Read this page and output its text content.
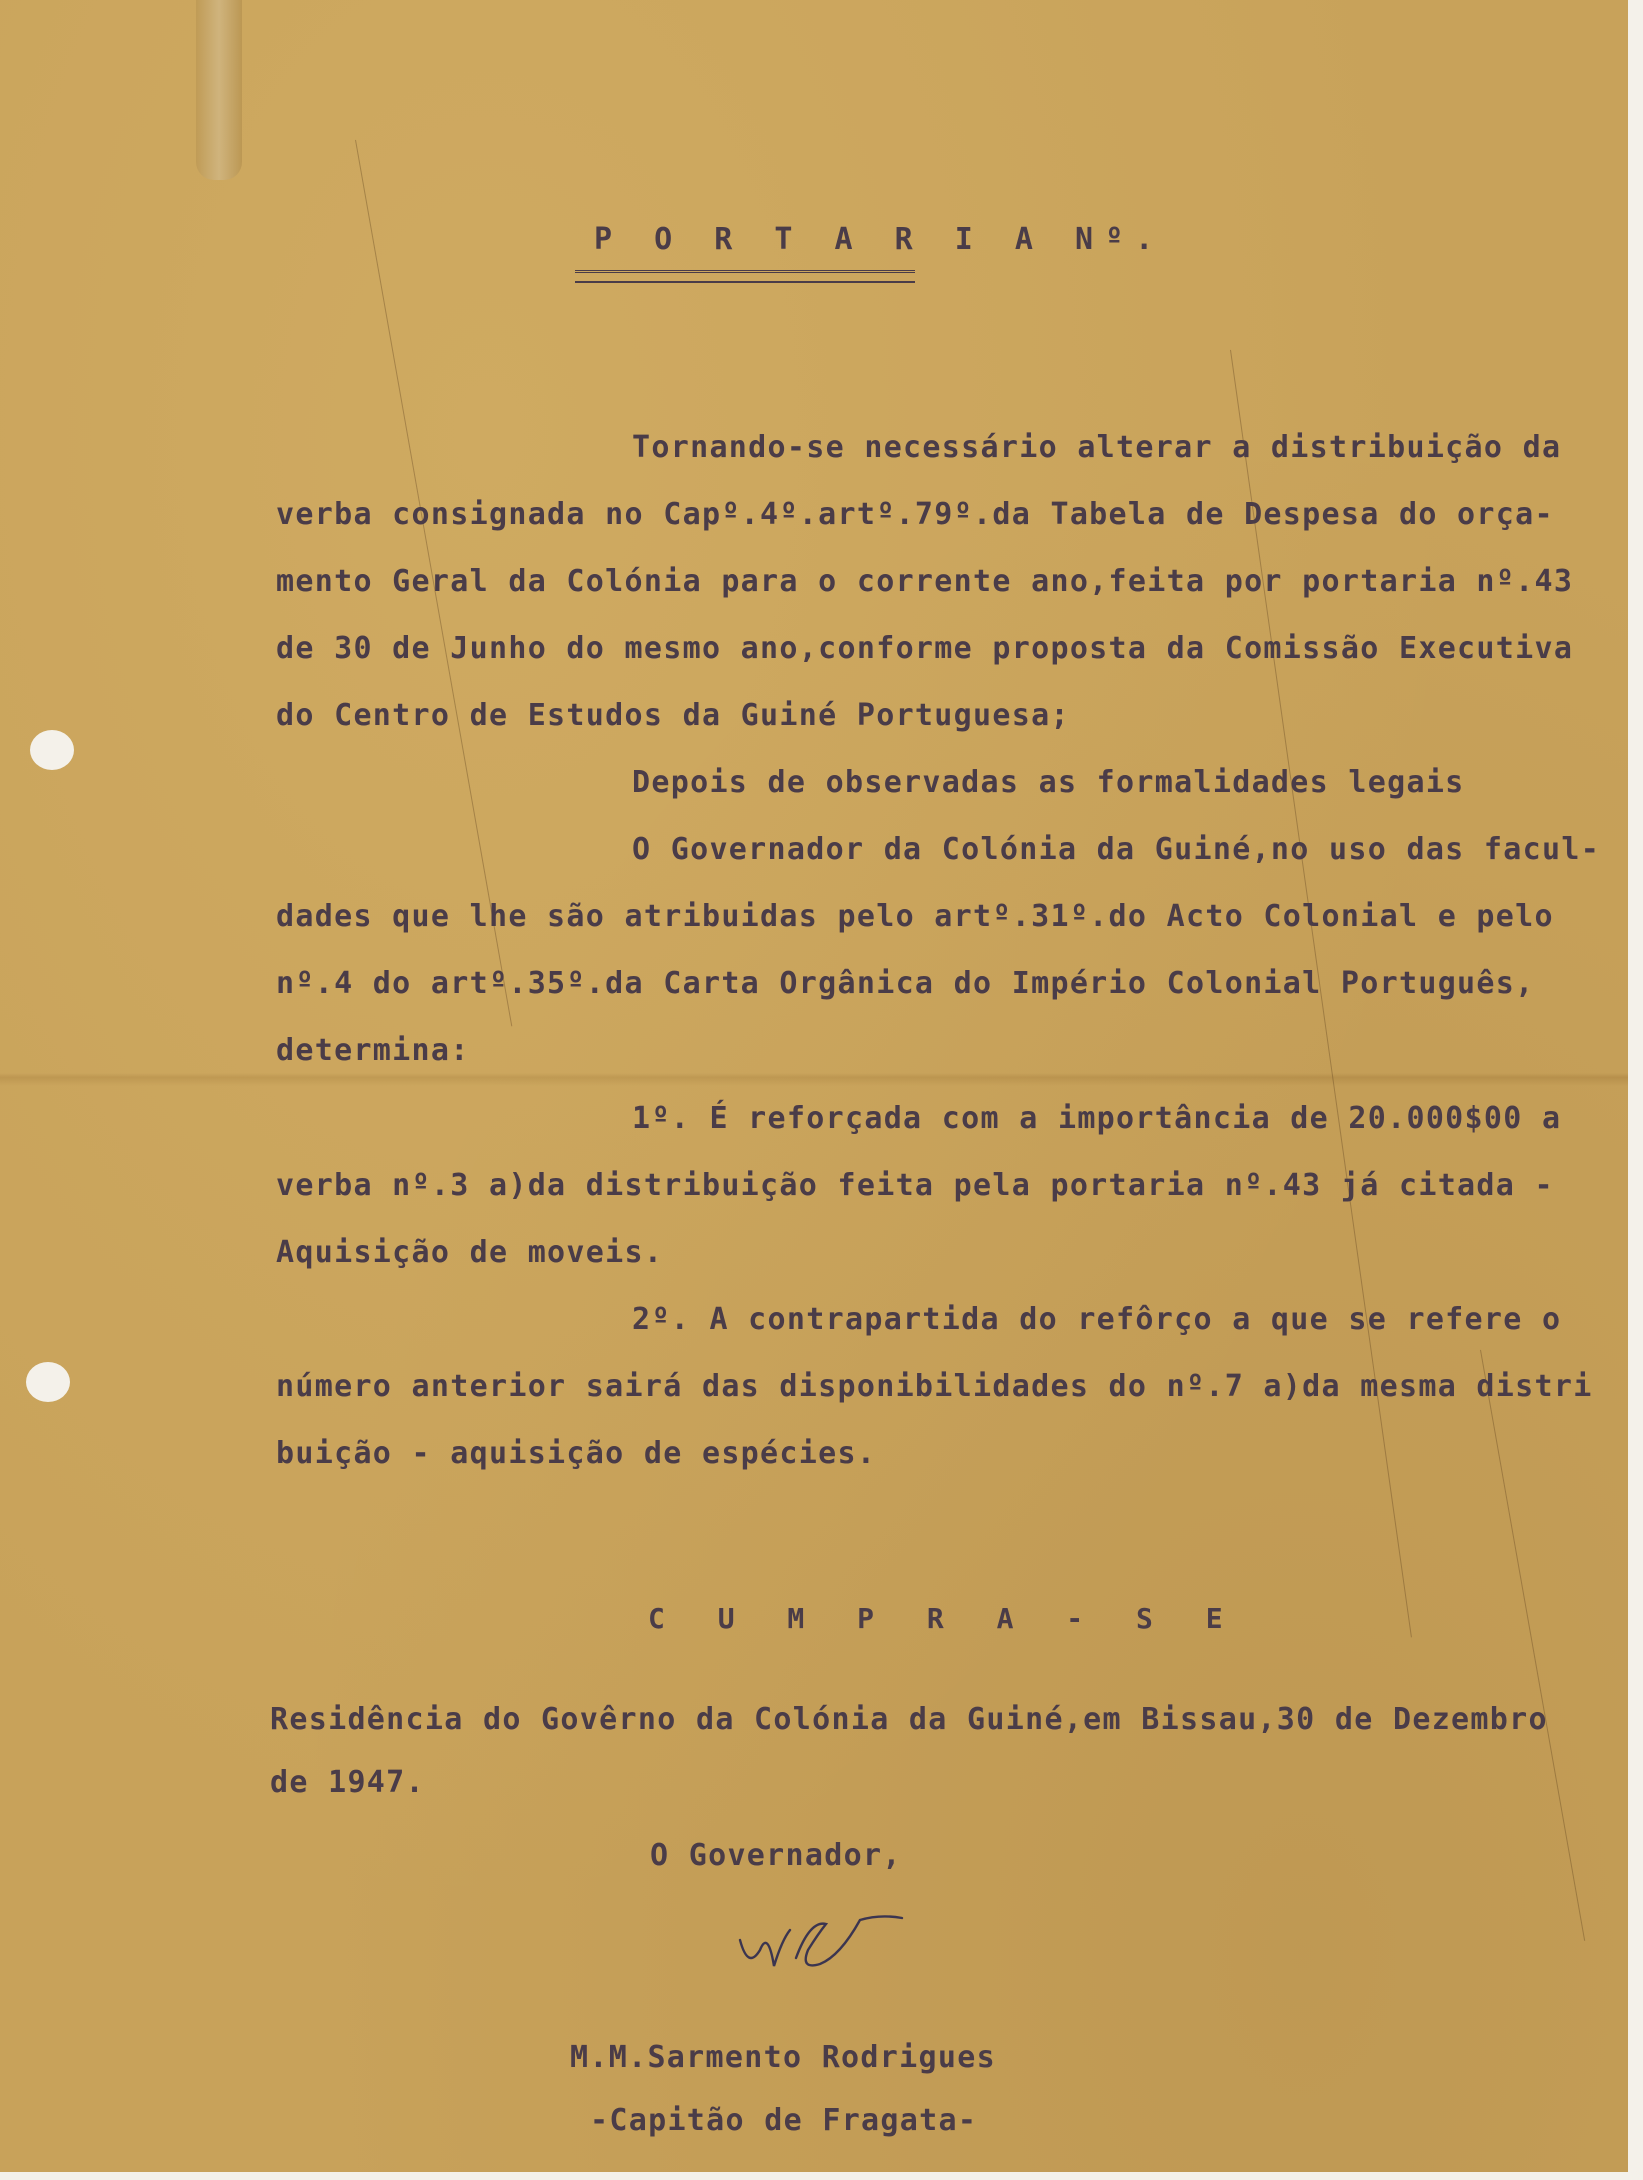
P O R T A R I A Nº.
Tornando-se necessário alterar a distribuição da
verba consignada no Capº.4º.artº.79º.da Tabela de Despesa do orça-
mento Geral da Colónia para o corrente ano,feita por portaria nº.43
de 30 de Junho do mesmo ano,conforme proposta da Comissão Executiva
do Centro de Estudos da Guiné Portuguesa;
Depois de observadas as formalidades legais
O Governador da Colónia da Guiné,no uso das facul-
dades que lhe são atribuidas pelo artº.31º.do Acto Colonial e pelo
nº.4 do artº.35º.da Carta Orgânica do Império Colonial Português,
determina:
1º. É reforçada com a importância de 20.000$00 a
verba nº.3 a)da distribuição feita pela portaria nº.43 já citada -
Aquisição de moveis.
2º. A contrapartida do refôrço a que se refere o
número anterior sairá das disponibilidades do nº.7 a)da mesma distri
buição - aquisição de espécies.
C U M P R A - S E
Residência do Govêrno da Colónia da Guiné,em Bissau,30 de Dezembro
de 1947.
O Governador,
M.M.Sarmento Rodrigues
-Capitão de Fragata-
